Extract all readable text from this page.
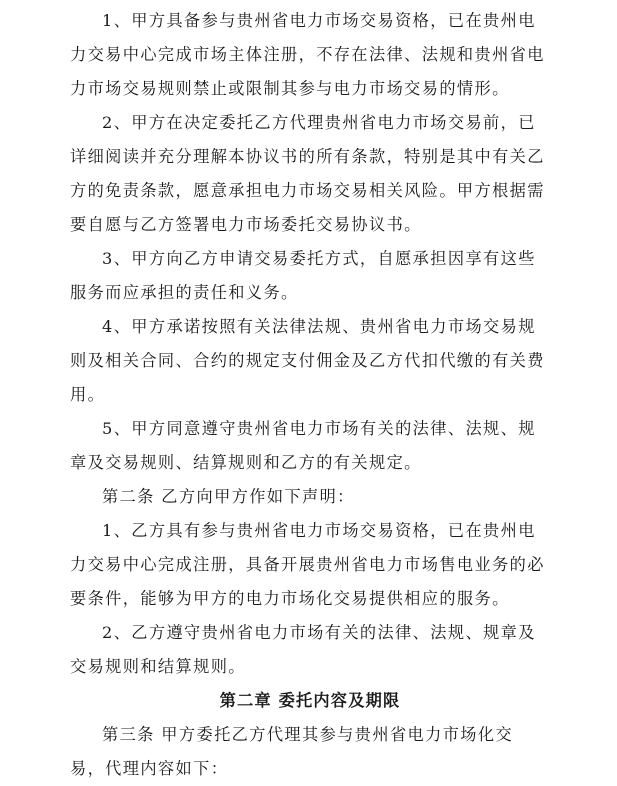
1、甲方具备参与贵州省电力市场交易资格，已在贵州电
力交易中心完成市场主体注册，不存在法律、法规和贵州省电
力市场交易规则禁止或限制其参与电力市场交易的情形。
2、甲方在决定委托乙方代理贵州省电力市场交易前，已
详细阅读并充分理解本协议书的所有条款，特别是其中有关乙
方的免责条款，愿意承担电力市场交易相关风险。甲方根据需
要自愿与乙方签署电力市场委托交易协议书。
3、甲方向乙方申请交易委托方式，自愿承担因享有这些
服务而应承担的责任和义务。
4、甲方承诺按照有关法律法规、贵州省电力市场交易规
则及相关合同、合约的规定支付佣金及乙方代扣代缴的有关费
用。
5、甲方同意遵守贵州省电力市场有关的法律、法规、规
章及交易规则、结算规则和乙方的有关规定。
第二条 乙方向甲方作如下声明：
1、乙方具有参与贵州省电力市场交易资格，已在贵州电
力交易中心完成注册，具备开展贵州省电力市场售电业务的必
要条件，能够为甲方的电力市场化交易提供相应的服务。
2、乙方遵守贵州省电力市场有关的法律、法规、规章及
交易规则和结算规则。
第二章 委托内容及期限
第三条 甲方委托乙方代理其参与贵州省电力市场化交
易，代理内容如下：
